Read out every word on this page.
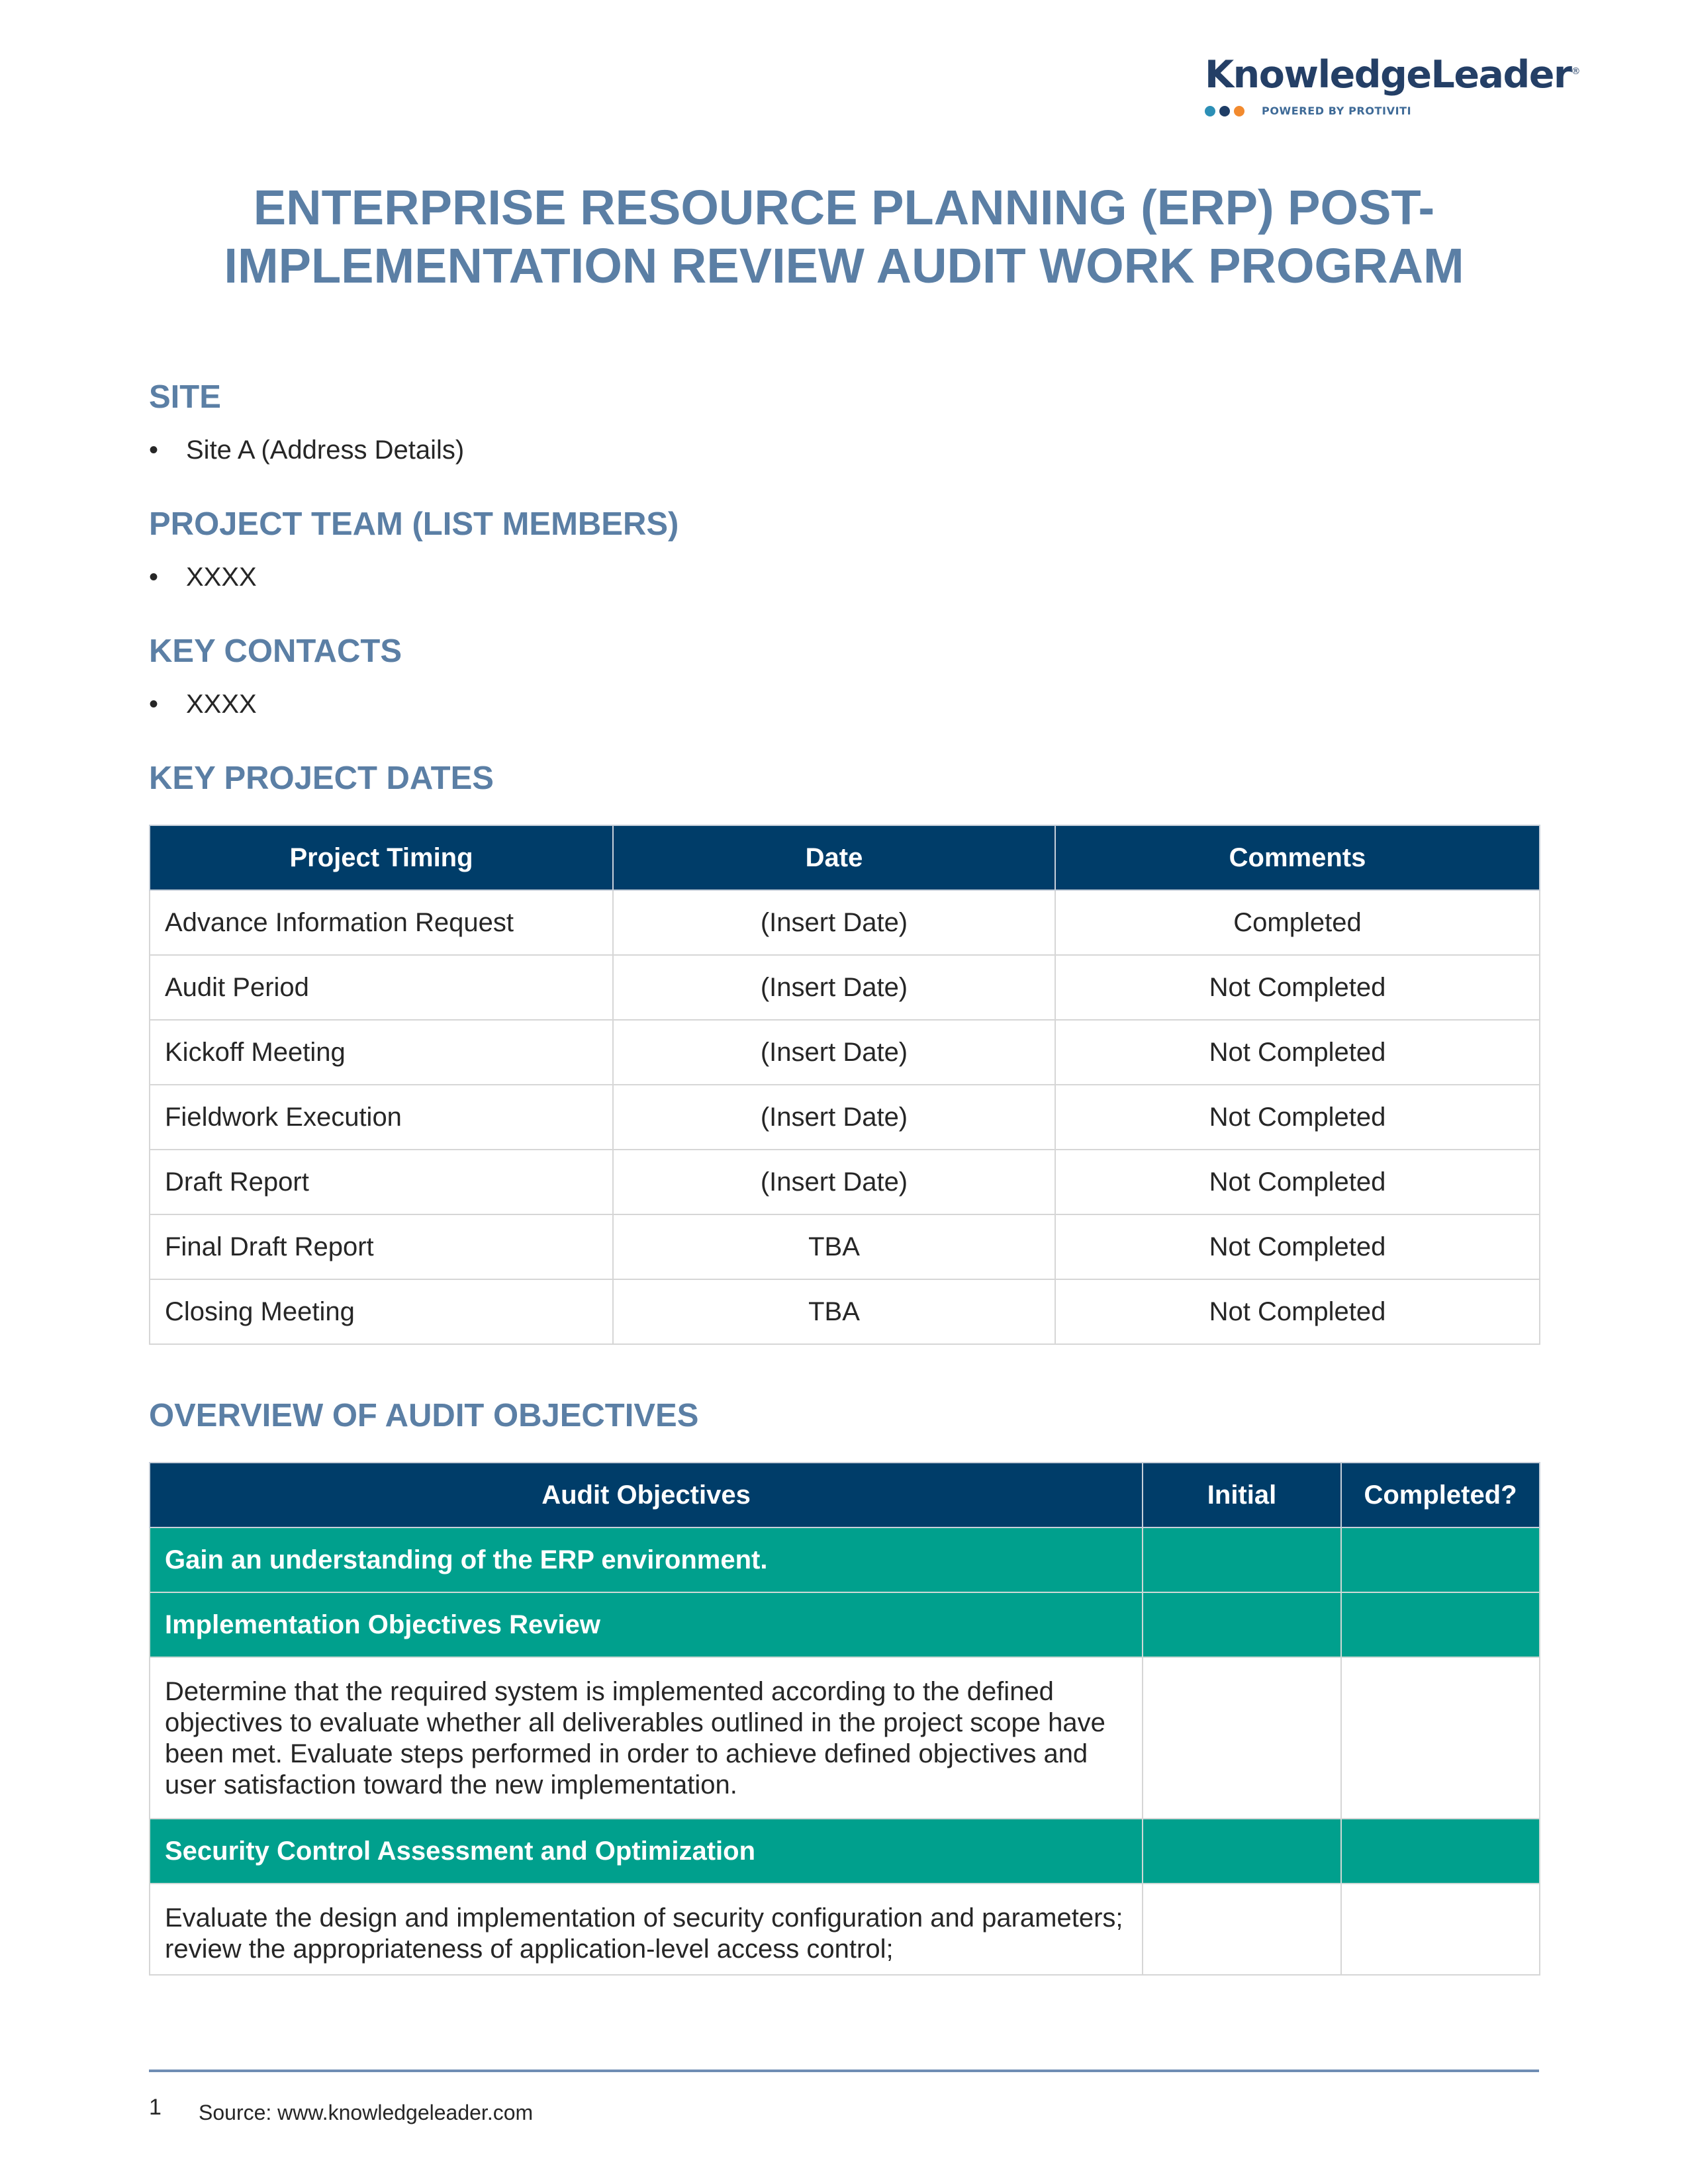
KnowledgeLeader®
POWERED BY PROTIVITI
ENTERPRISE RESOURCE PLANNING (ERP) POST-IMPLEMENTATION REVIEW AUDIT WORK PROGRAM
SITE
• Site A (Address Details)
PROJECT TEAM (LIST MEMBERS)
• XXXX
KEY CONTACTS
• XXXX
KEY PROJECT DATES
Project Timing	Date	Comments
Advance Information Request	(Insert Date)	Completed
Audit Period	(Insert Date)	Not Completed
Kickoff Meeting	(Insert Date)	Not Completed
Fieldwork Execution	(Insert Date)	Not Completed
Draft Report	(Insert Date)	Not Completed
Final Draft Report	TBA	Not Completed
Closing Meeting	TBA	Not Completed
OVERVIEW OF AUDIT OBJECTIVES
Audit Objectives	Initial	Completed?
Gain an understanding of the ERP environment.		
Implementation Objectives Review		
Determine that the required system is implemented according to the defined objectives to evaluate whether all deliverables outlined in the project scope have been met. Evaluate steps performed in order to achieve defined objectives and user satisfaction toward the new implementation.		
Security Control Assessment and Optimization		
Evaluate the design and implementation of security configuration and parameters; review the appropriateness of application-level access control;		
1 Source: www.knowledgeleader.com
